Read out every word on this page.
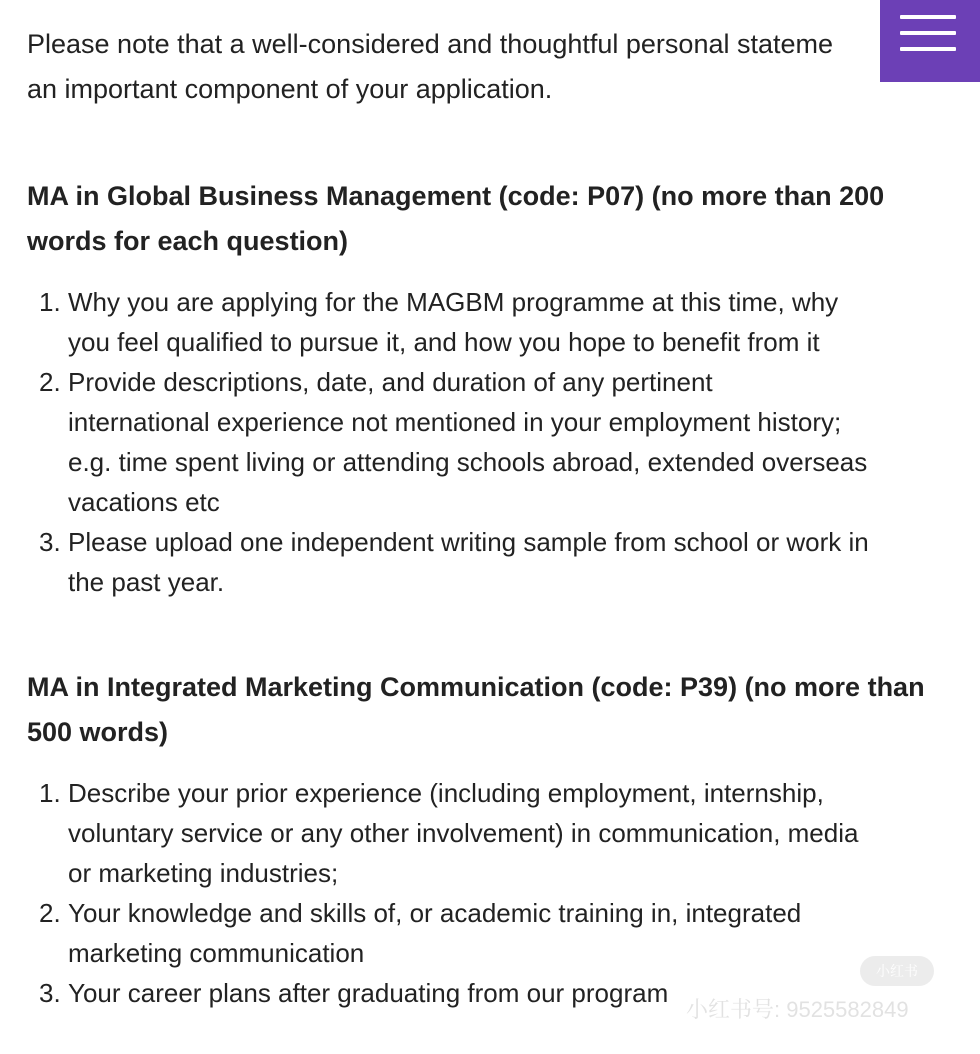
Please note that a well-considered and thoughtful personal stateme
an important component of your application.

MA in Global Business Management (code: P07) (no more than 200
words for each question)
1. Why you are applying for the MAGBM programme at this time, why
you feel qualified to pursue it, and how you hope to benefit from it
2. Provide descriptions, date, and duration of any pertinent
international experience not mentioned in your employment history;
e.g. time spent living or attending schools abroad, extended overseas
vacations etc
3. Please upload one independent writing sample from school or work in
the past year.
MA in Integrated Marketing Communication (code: P39) (no more than
500 words)
1. Describe your prior experience (including employment, internship,
voluntary service or any other involvement) in communication, media
or marketing industries;
2. Your knowledge and skills of, or academic training in, integrated
marketing communication
3. Your career plans after graduating from our program
小红书
小红书号: 9525582849
